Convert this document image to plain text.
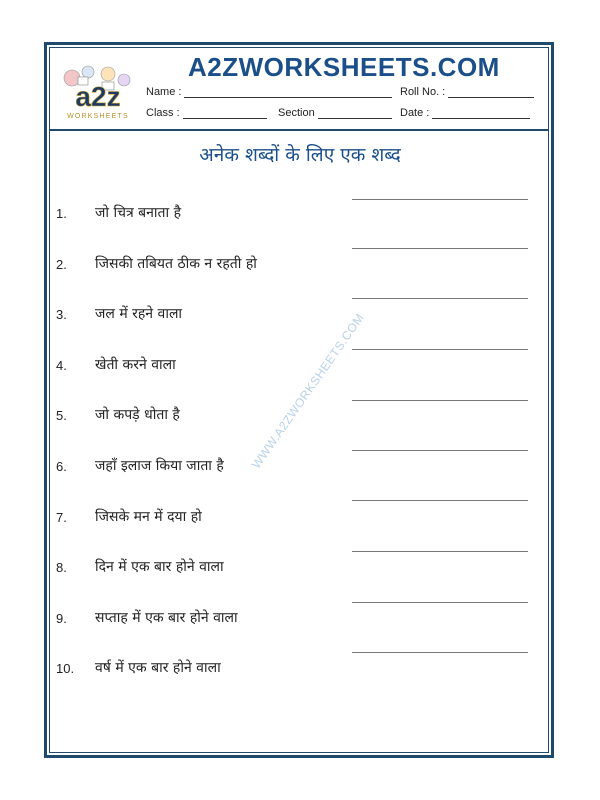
a2z
WORKSHEETS
A2ZWORKSHEETS.COM
Name :	Roll No. :
Class :	Section	Date :
अनेक शब्दों के लिए एक शब्द
WWW.A2ZWORKSHEETS.COM
1.	जो चित्र बनाता है
2.	जिसकी तबियत ठीक न रहती हो
3.	जल में रहने वाला
4.	खेती करने वाला
5.	जो कपड़े धोता है
6.	जहाँ इलाज किया जाता है
7.	जिसके मन में दया हो
8.	दिन में एक बार होने वाला
9.	सप्ताह में एक बार होने वाला
10.	वर्ष में एक बार होने वाला
